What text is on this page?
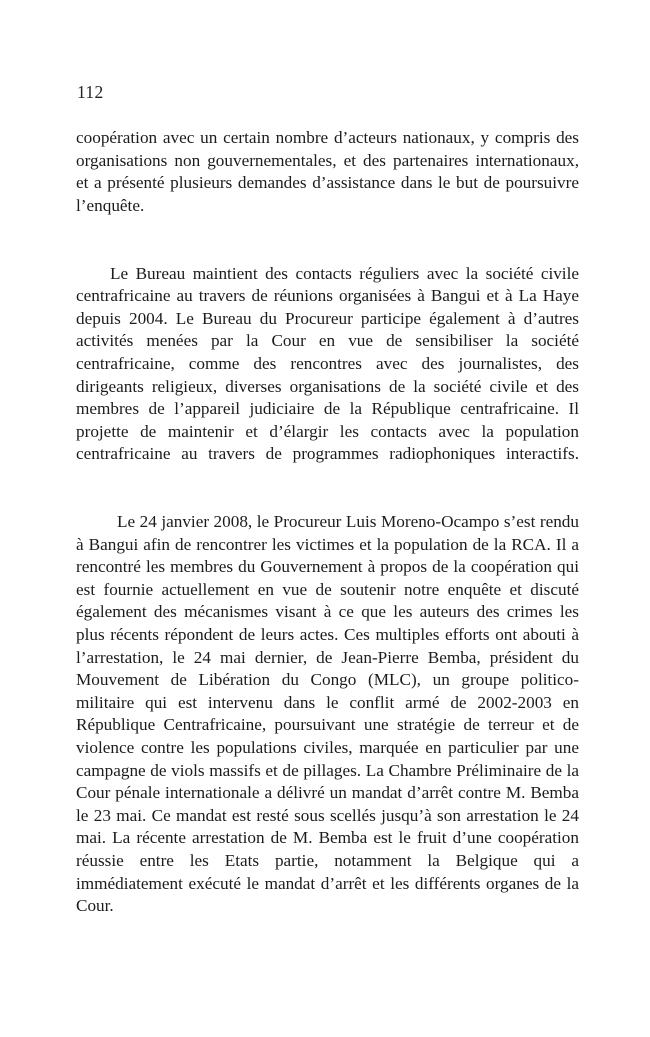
112

coopération avec un certain nombre d’acteurs nationaux, y compris des organisations non gouvernementales, et des partenaires internationaux, et a présenté plusieurs demandes d’assistance dans le but de poursuivre l’enquête.

Le Bureau maintient des contacts réguliers avec la société civile centrafricaine au travers de réunions organisées à Bangui et à La Haye depuis 2004. Le Bureau du Procureur participe également à d’autres activités menées par la Cour en vue de sensibiliser la société centrafricaine, comme des rencontres avec des journalistes, des dirigeants religieux, diverses organisations de la société civile et des membres de l’appareil judiciaire de la République centrafricaine. Il projette de maintenir et d’élargir les contacts avec la population centrafricaine au travers de programmes radiophoniques interactifs.

Le 24 janvier 2008, le Procureur Luis Moreno-Ocampo s’est rendu à Bangui afin de rencontrer les victimes et la population de la RCA. Il a rencontré les membres du Gouvernement à propos de la coopération qui est fournie actuellement en vue de soutenir notre enquête et discuté également des mécanismes visant à ce que les auteurs des crimes les plus récents répondent de leurs actes. Ces multiples efforts ont abouti à l’arrestation, le 24 mai dernier, de Jean-Pierre Bemba, président du Mouvement de Libération du Congo (MLC), un groupe politico-militaire qui est intervenu dans le conflit armé de 2002-2003 en République Centrafricaine, poursuivant une stratégie de terreur et de violence contre les populations civiles, marquée en particulier par une campagne de viols massifs et de pillages. La Chambre Préliminaire de la Cour pénale internationale a délivré un mandat d’arrêt contre M. Bemba le 23 mai. Ce mandat est resté sous scellés jusqu’à son arrestation le 24 mai. La récente arrestation de M. Bemba est le fruit d’une coopération réussie entre les Etats partie, notamment la Belgique qui a immédiatement exécuté le mandat d’arrêt et les différents organes de la Cour.
